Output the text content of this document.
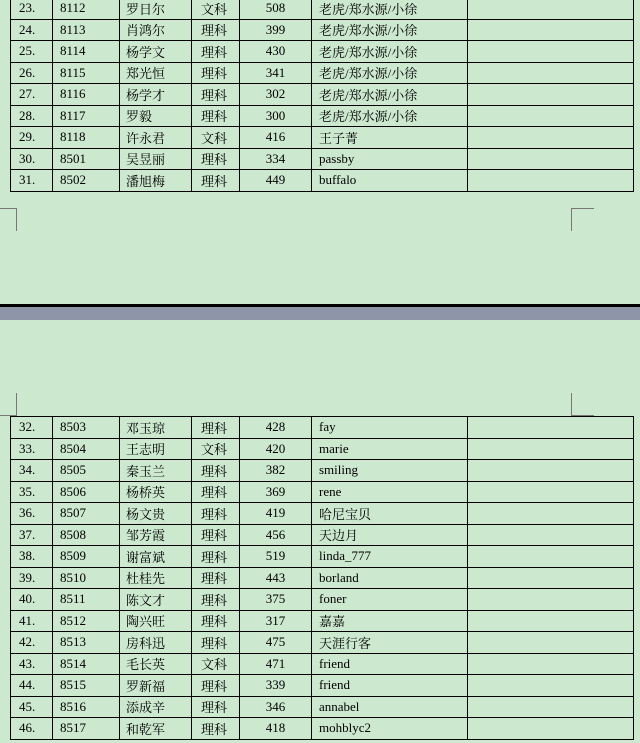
23.	8112	罗日尔	文科	508	老虎/郑水源/小徐	
24.	8113	肖鸿尔	理科	399	老虎/郑水源/小徐	
25.	8114	杨学文	理科	430	老虎/郑水源/小徐	
26.	8115	郑光恒	理科	341	老虎/郑水源/小徐	
27.	8116	杨学才	理科	302	老虎/郑水源/小徐	
28.	8117	罗毅	理科	300	老虎/郑水源/小徐	
29.	8118	许永君	文科	416	王子菁	
30.	8501	吴昱丽	理科	334	passby	
31.	8502	潘旭梅	理科	449	buffalo	
32.	8503	邓玉琼	理科	428	fay	
33.	8504	王志明	文科	420	marie	
34.	8505	秦玉兰	理科	382	smiling	
35.	8506	杨桥英	理科	369	rene	
36.	8507	杨文贵	理科	419	哈尼宝贝	
37.	8508	邹芳霞	理科	456	天边月	
38.	8509	谢富斌	理科	519	linda_777	
39.	8510	杜桂先	理科	443	borland	
40.	8511	陈文才	理科	375	foner	
41.	8512	陶兴旺	理科	317	嘉嘉	
42.	8513	房科迅	理科	475	天涯行客	
43.	8514	毛长英	文科	471	friend	
44.	8515	罗新福	理科	339	friend	
45.	8516	添成辛	理科	346	annabel	
46.	8517	和乾军	理科	418	mohblyc2	
